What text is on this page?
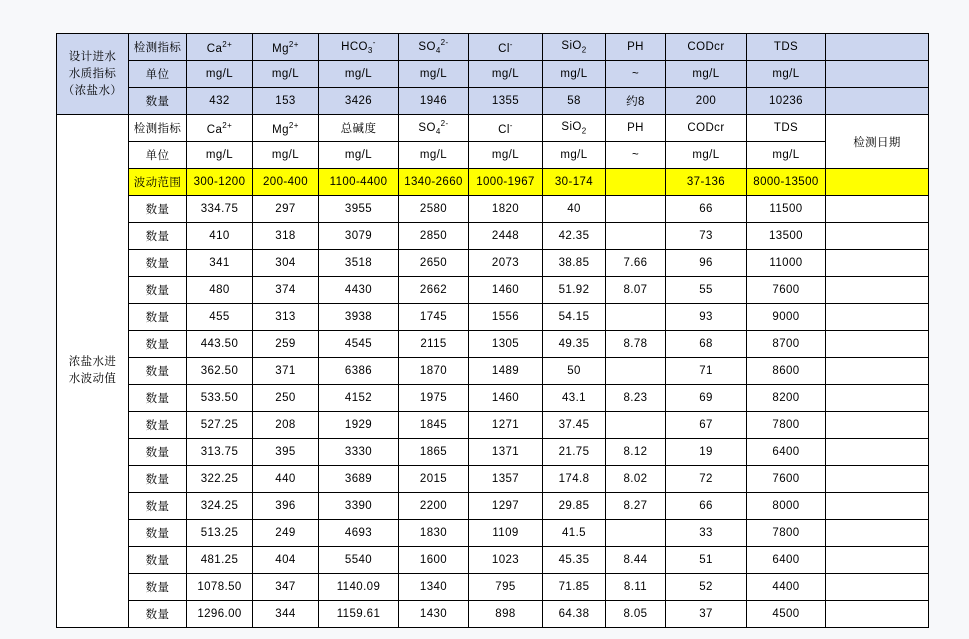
设计进水
水质指标
（浓盐水）	检测指标	$Ca^{2+}$	$Mg^{2+}$	$HCO_3^-$	$SO_4^{2-}$	Cl-	SiO$_2$	PH	CODcr	TDS	
	单位	mg/L	mg/L	mg/L	mg/L	mg/L	mg/L	~	mg/L	mg/L	
	数量	432	153	3426	1946	1355	58	约8	200	10236	
浓盐水进
水波动值	检测指标	$Ca^{2+}$	$Mg^{2+}$	总碱度	$SO_4^{2-}$	Cl-	SiO$_2$	PH	CODcr	TDS	检测日期
	单位	mg/L	mg/L	mg/L	mg/L	mg/L	mg/L	~	mg/L	mg/L	
	波动范围	300-1200	200-400	1100-4400	1340-2660	1000-1967	30-174		37-136	8000-13500	
	数量	334.75	297	3955	2580	1820	40		66	11500	
	数量	410	318	3079	2850	2448	42.35		73	13500	
	数量	341	304	3518	2650	2073	38.85	7.66	96	11000	
	数量	480	374	4430	2662	1460	51.92	8.07	55	7600	
	数量	455	313	3938	1745	1556	54.15		93	9000	
	数量	443.50	259	4545	2115	1305	49.35	8.78	68	8700	
	数量	362.50	371	6386	1870	1489	50		71	8600	
	数量	533.50	250	4152	1975	1460	43.1	8.23	69	8200	
	数量	527.25	208	1929	1845	1271	37.45		67	7800	
	数量	313.75	395	3330	1865	1371	21.75	8.12	19	6400	
	数量	322.25	440	3689	2015	1357	174.8	8.02	72	7600	
	数量	324.25	396	3390	2200	1297	29.85	8.27	66	8000	
	数量	513.25	249	4693	1830	1109	41.5		33	7800	
	数量	481.25	404	5540	1600	1023	45.35	8.44	51	6400	
	数量	1078.50	347	1140.09	1340	795	71.85	8.11	52	4400	
	数量	1296.00	344	1159.61	1430	898	64.38	8.05	37	4500	
